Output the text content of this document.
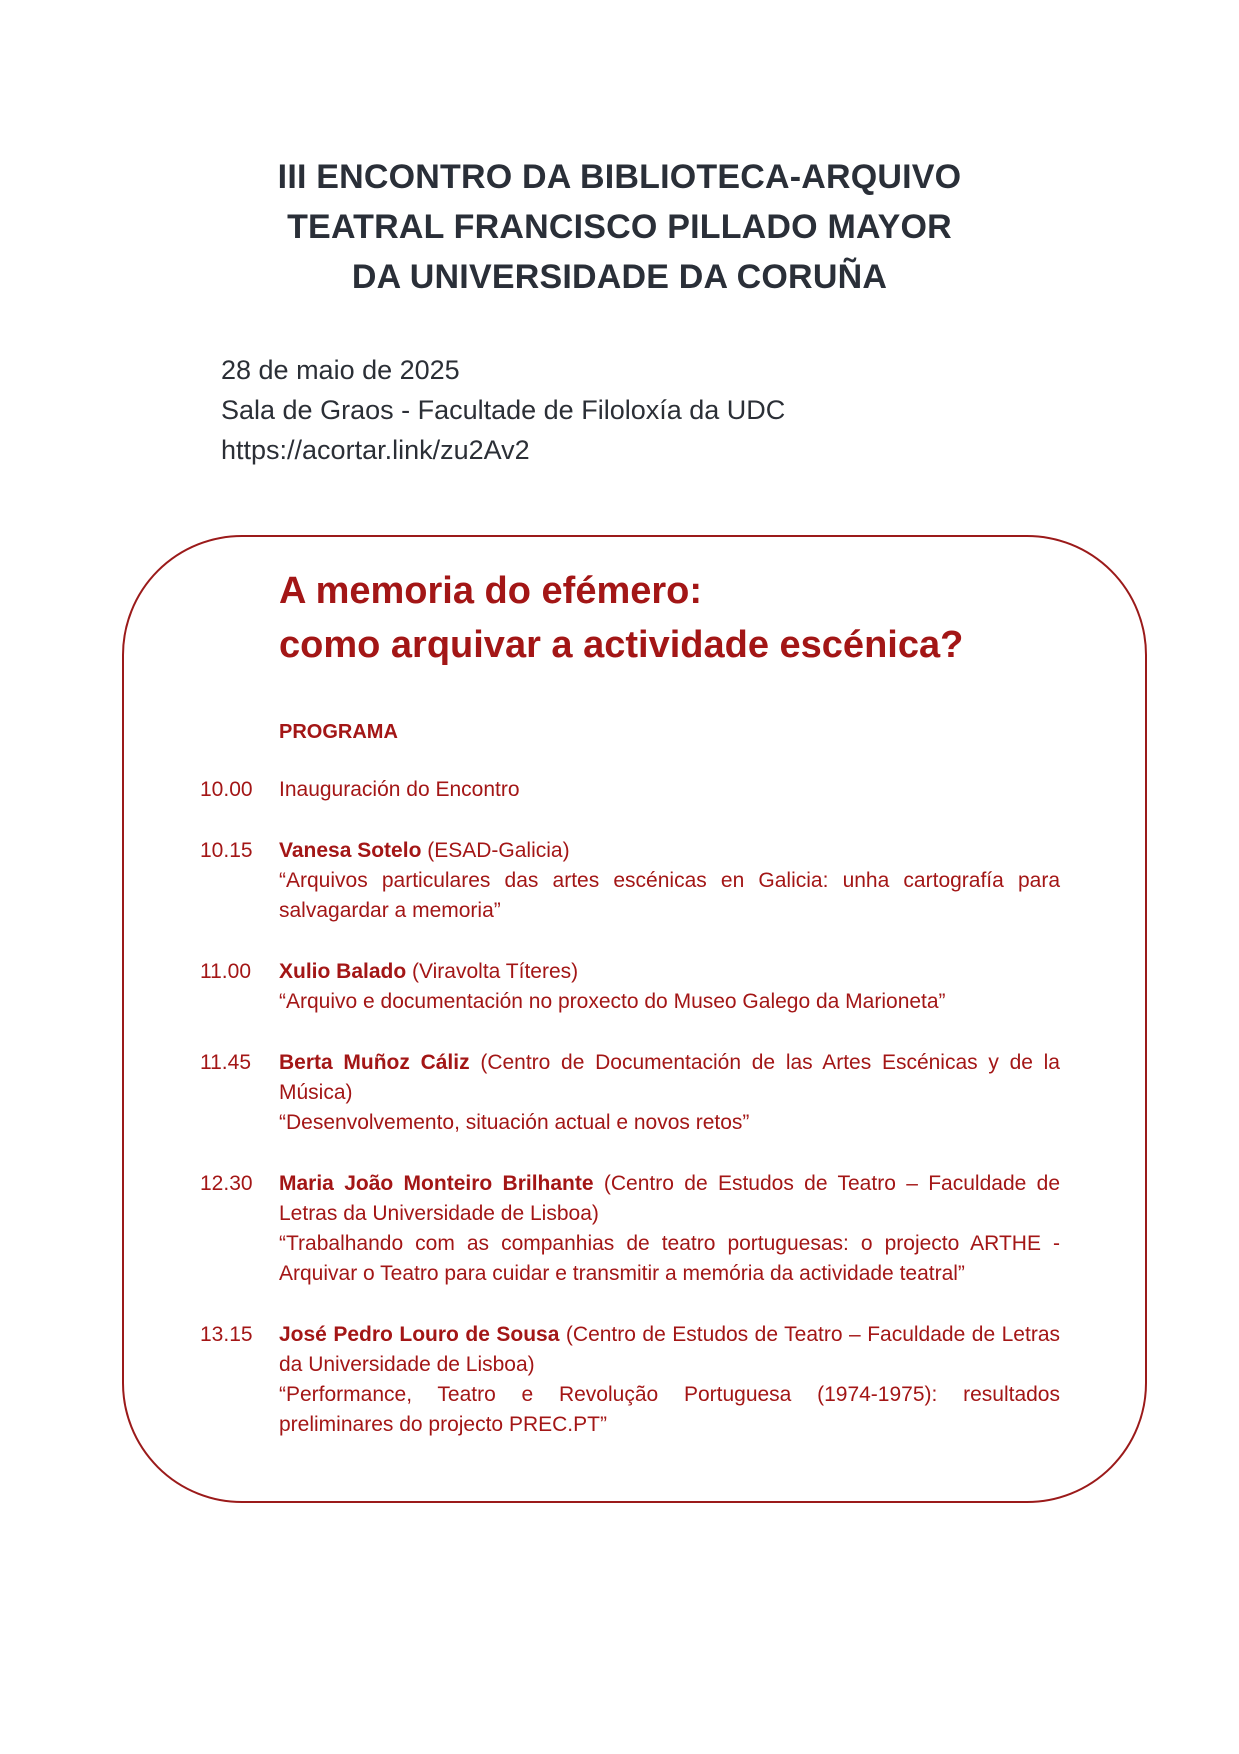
III ENCONTRO DA BIBLIOTECA-ARQUIVO
TEATRAL FRANCISCO PILLADO MAYOR
DA UNIVERSIDADE DA CORUÑA
28 de maio de 2025
Sala de Graos - Facultade de Filoloxía da UDC
https://acortar.link/zu2Av2
A memoria do efémero:
como arquivar a actividade escénica?
PROGRAMA
10.00	Inauguración do Encontro
10.15	Vanesa Sotelo (ESAD-Galicia)
“Arquivos particulares das artes escénicas en Galicia: unha cartografía para salvagardar a memoria”
11.00	Xulio Balado (Viravolta Títeres)
“Arquivo e documentación no proxecto do Museo Galego da Marioneta”
11.45	Berta Muñoz Cáliz (Centro de Documentación de las Artes Escénicas y de la Música)
“Desenvolvemento, situación actual e novos retos”
12.30	Maria João Monteiro Brilhante (Centro de Estudos de Teatro – Faculdade de Letras da Universidade de Lisboa)
“Trabalhando com as companhias de teatro portuguesas: o projecto ARTHE - Arquivar o Teatro para cuidar e transmitir a memória da actividade teatral”
13.15	José Pedro Louro de Sousa (Centro de Estudos de Teatro – Faculdade de Letras da Universidade de Lisboa)
“Performance, Teatro e Revolução Portuguesa (1974-1975): resultados preliminares do projecto PREC.PT”
